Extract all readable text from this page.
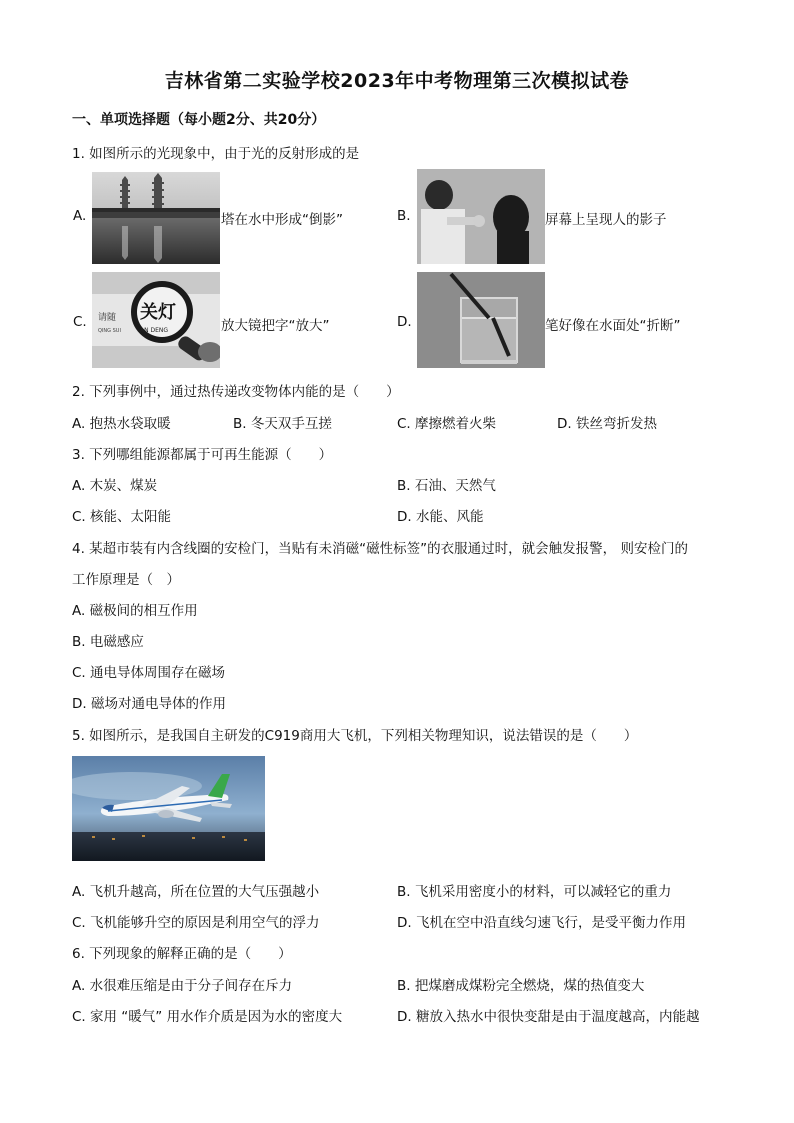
吉林省第二实验学校2023年中考物理第三次模拟试卷
一、单项选择题（每小题2分、共20分）
1. 如图所示的光现象中，由于光的反射形成的是
A.	塔在水中形成“倒影”	B.	屏幕上呈现人的影子
C. 请随
QING SUI
关灯
AN DENG	放大镜把字“放大”	D.	笔好像在水面处“折断”
2. 下列事例中，通过热传递改变物体内能的是（　　）
A. 抱热水袋取暖	B. 冬天双手互搓	C. 摩擦燃着火柴	D. 铁丝弯折发热
3. 下列哪组能源都属于可再生能源（　　）
A. 木炭、煤炭	B. 石油、天然气
C. 核能、太阳能	D. 水能、风能
4. 某超市装有内含线圈的安检门，当贴有未消磁“磁性标签”的衣服通过时，就会触发报警， 则安检门的
工作原理是（　）
A. 磁极间的相互作用
B. 电磁感应
C. 通电导体周围存在磁场
D. 磁场对通电导体的作用
5. 如图所示，是我国自主研发的C919商用大飞机，下列相关物理知识，说法错误的是（　　）
A. 飞机升越高，所在位置的大气压强越小	B. 飞机采用密度小的材料，可以减轻它的重力
C. 飞机能够升空的原因是利用空气的浮力	D. 飞机在空中沿直线匀速飞行，是受平衡力作用
6. 下列现象的解释正确的是（　　）
A. 水很难压缩是由于分子间存在斥力	B. 把煤磨成煤粉完全燃烧，煤的热值变大
C. 家用 “暖气” 用水作介质是因为水的密度大	D. 糖放入热水中很快变甜是由于温度越高，内能越
